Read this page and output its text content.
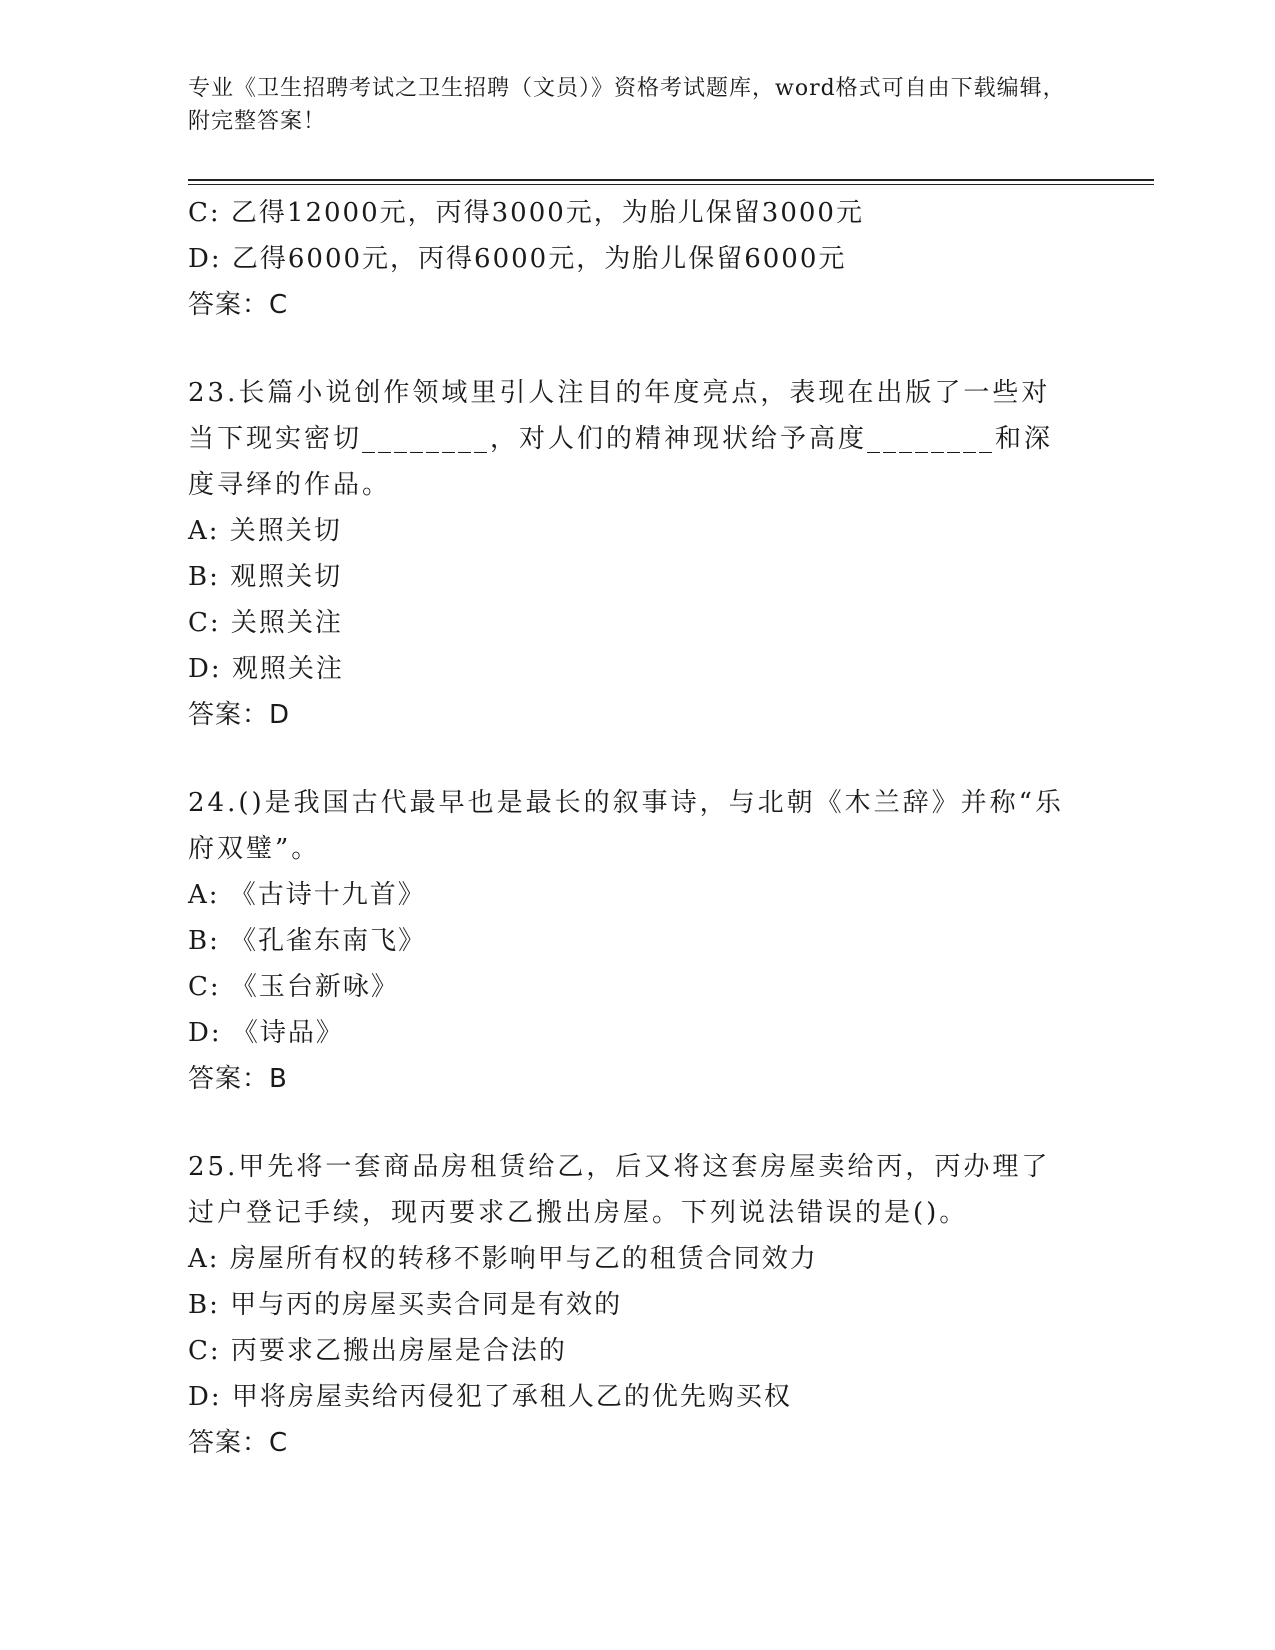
专业《卫生招聘考试之卫生招聘（文员）》资格考试题库，word格式可自由下载编辑，附完整答案！
C: 乙得12000元，丙得3000元，为胎儿保留3000元
D: 乙得6000元，丙得6000元，为胎儿保留6000元
答案：C
23.长篇小说创作领域里引人注目的年度亮点，表现在出版了一些对当下现实密切________，对人们的精神现状给予高度________和深度寻绎的作品。
A: 关照关切
B: 观照关切
C: 关照关注
D: 观照关注
答案：D
24.()是我国古代最早也是最长的叙事诗，与北朝《木兰辞》并称“乐府双璧”。
A: 《古诗十九首》
B: 《孔雀东南飞》
C: 《玉台新咏》
D: 《诗品》
答案：B
25.甲先将一套商品房租赁给乙，后又将这套房屋卖给丙，丙办理了过户登记手续，现丙要求乙搬出房屋。下列说法错误的是()。
A: 房屋所有权的转移不影响甲与乙的租赁合同效力
B: 甲与丙的房屋买卖合同是有效的
C: 丙要求乙搬出房屋是合法的
D: 甲将房屋卖给丙侵犯了承租人乙的优先购买权
答案：C
